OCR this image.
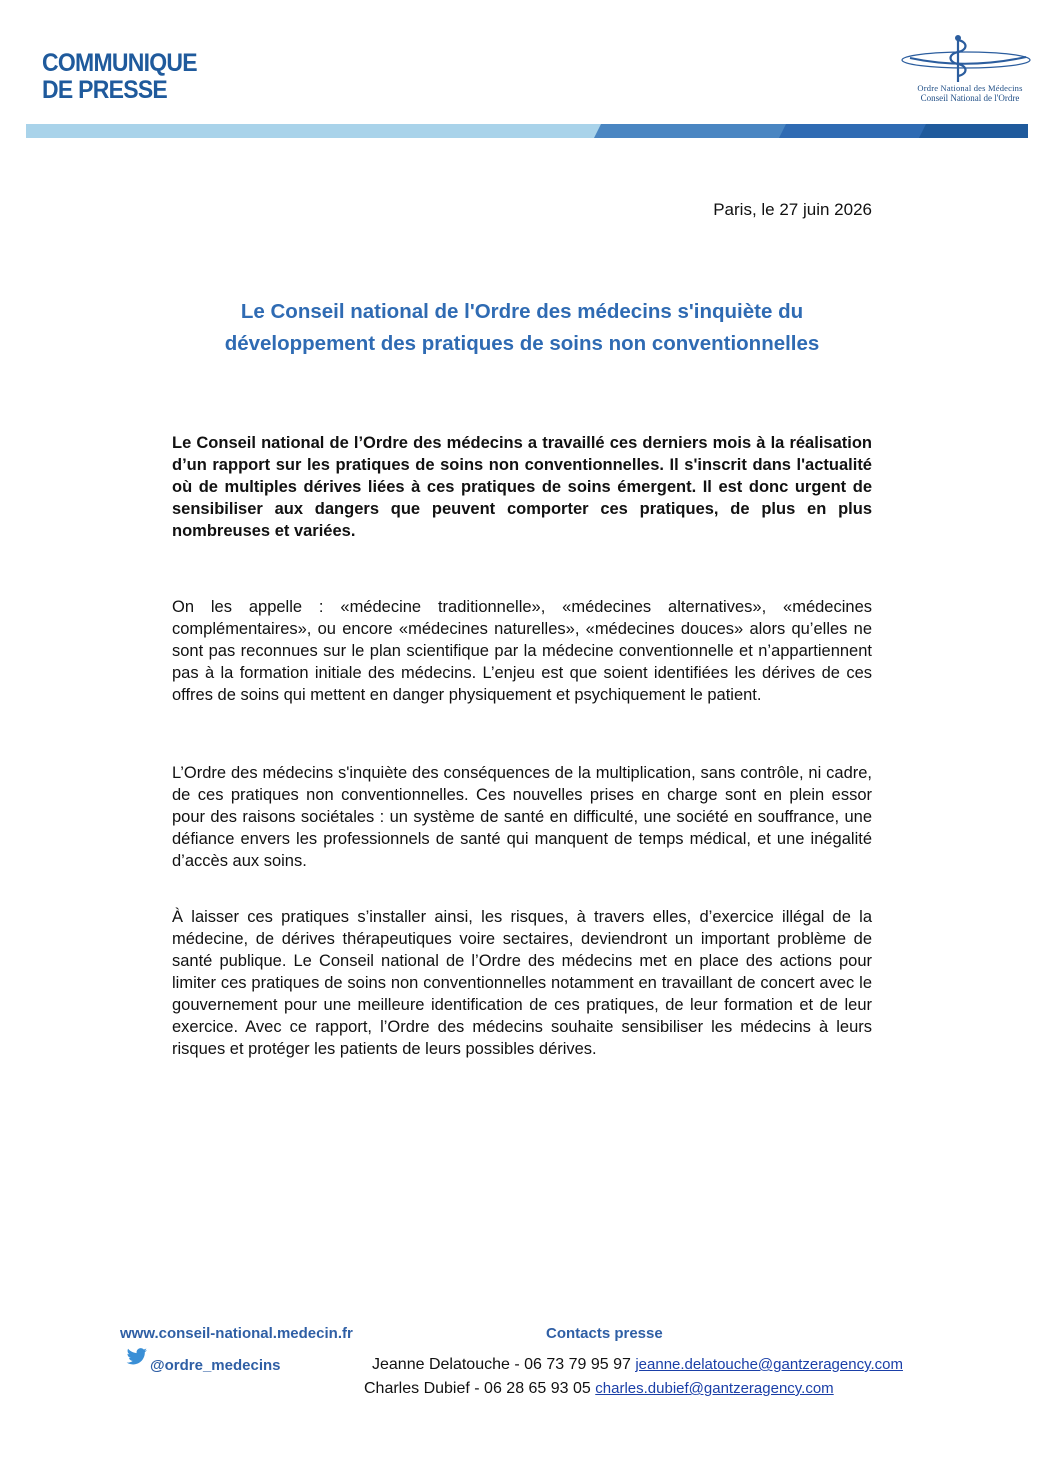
COMMUNIQUE
DE PRESSE	Ordre National des Médecins
Conseil National de l'Ordre
Paris, le 27 juin 2026
Le Conseil national de l'Ordre des médecins s'inquiète du
développement des pratiques de soins non conventionnelles

Le Conseil national de l’Ordre des médecins a travaillé ces derniers mois à la réalisation d’un rapport sur les pratiques de soins non conventionnelles. Il s'inscrit dans l'actualité où de multiples dérives liées à ces pratiques de soins émergent. Il est donc urgent de sensibiliser aux dangers que peuvent comporter ces pratiques, de plus en plus nombreuses et variées.

On les appelle : «médecine traditionnelle», «médecines alternatives», «médecines complémentaires», ou encore «médecines naturelles», «médecines douces» alors qu’elles ne sont pas reconnues sur le plan scientifique par la médecine conventionnelle et n’appartiennent pas à la formation initiale des médecins. L’enjeu est que soient identifiées les dérives de ces offres de soins qui mettent en danger physiquement et psychiquement le patient.

L’Ordre des médecins s'inquiète des conséquences de la multiplication, sans contrôle, ni cadre, de ces pratiques non conventionnelles. Ces nouvelles prises en charge sont en plein essor pour des raisons sociétales : un système de santé en difficulté, une société en souffrance, une défiance envers les professionnels de santé qui manquent de temps médical, et une inégalité d’accès aux soins.

À laisser ces pratiques s’installer ainsi, les risques, à travers elles, d’exercice illégal de la médecine, de dérives thérapeutiques voire sectaires, deviendront un important problème de santé publique. Le Conseil national de l’Ordre des médecins met en place des actions pour limiter ces pratiques de soins non conventionnelles notamment en travaillant de concert avec le gouvernement pour une meilleure identification de ces pratiques, de leur formation et de leur exercice. Avec ce rapport, l’Ordre des médecins souhaite sensibiliser les médecins à leurs risques et protéger les patients de leurs possibles dérives.

www.conseil-national.medecin.fr	Contacts presse
@ordre_medecins	Jeanne Delatouche - 06 73 79 95 97 jeanne.delatouche@gantzeragency.com
Charles Dubief - 06 28 65 93 05 charles.dubief@gantzeragency.com
